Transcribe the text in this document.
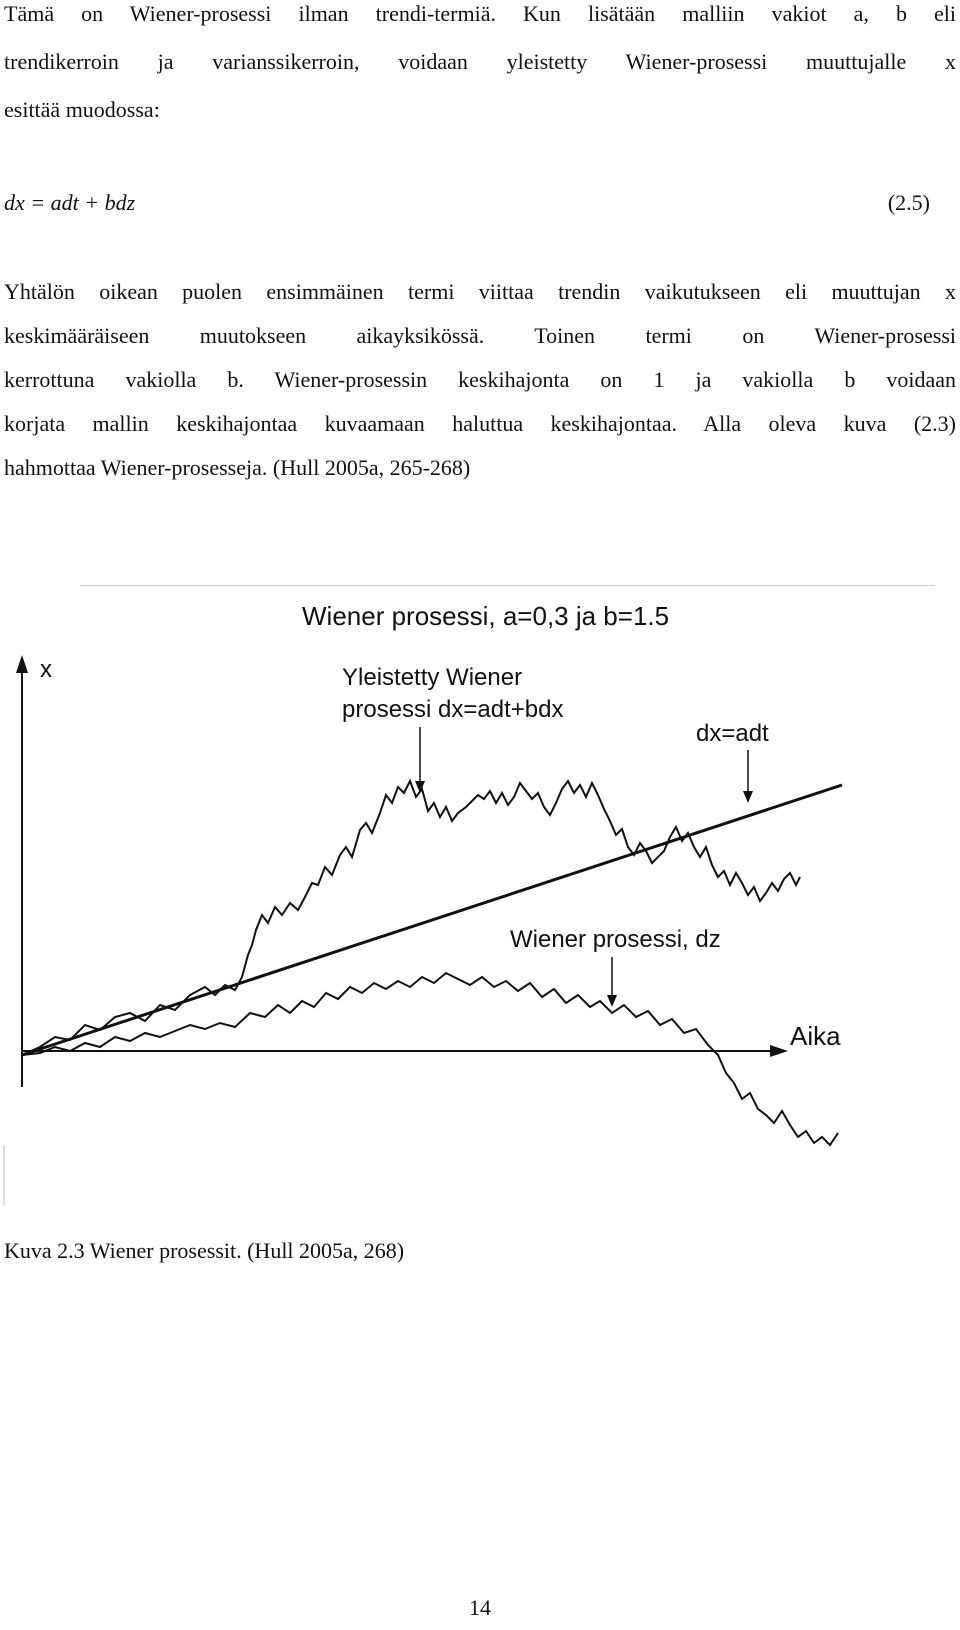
Tämä on Wiener-prosessi ilman trendi-termiä. Kun lisätään malliin vakiot a, b eli
trendikerroin ja varianssikerroin, voidaan yleistetty Wiener-prosessi muuttujalle x
esittää muodossa:
dx = adt + bdz	(2.5)
Yhtälön oikean puolen ensimmäinen termi viittaa trendin vaikutukseen eli muuttujan x
keskimääräiseen muutokseen aikayksikössä. Toinen termi on Wiener-prosessi
kerrottuna vakiolla b. Wiener-prosessin keskihajonta on 1 ja vakiolla b voidaan
korjata mallin keskihajontaa kuvaamaan haluttua keskihajontaa. Alla oleva kuva (2.3)
hahmottaa Wiener-prosesseja. (Hull 2005a, 265-268)
Wiener prosessi, a=0,3 ja b=1.5
x
Aika
Yleistetty Wiener
prosessi dx=adt+bdx
dx=adt
Wiener prosessi, dz
Kuva 2.3 Wiener prosessit. (Hull 2005a, 268)
14
